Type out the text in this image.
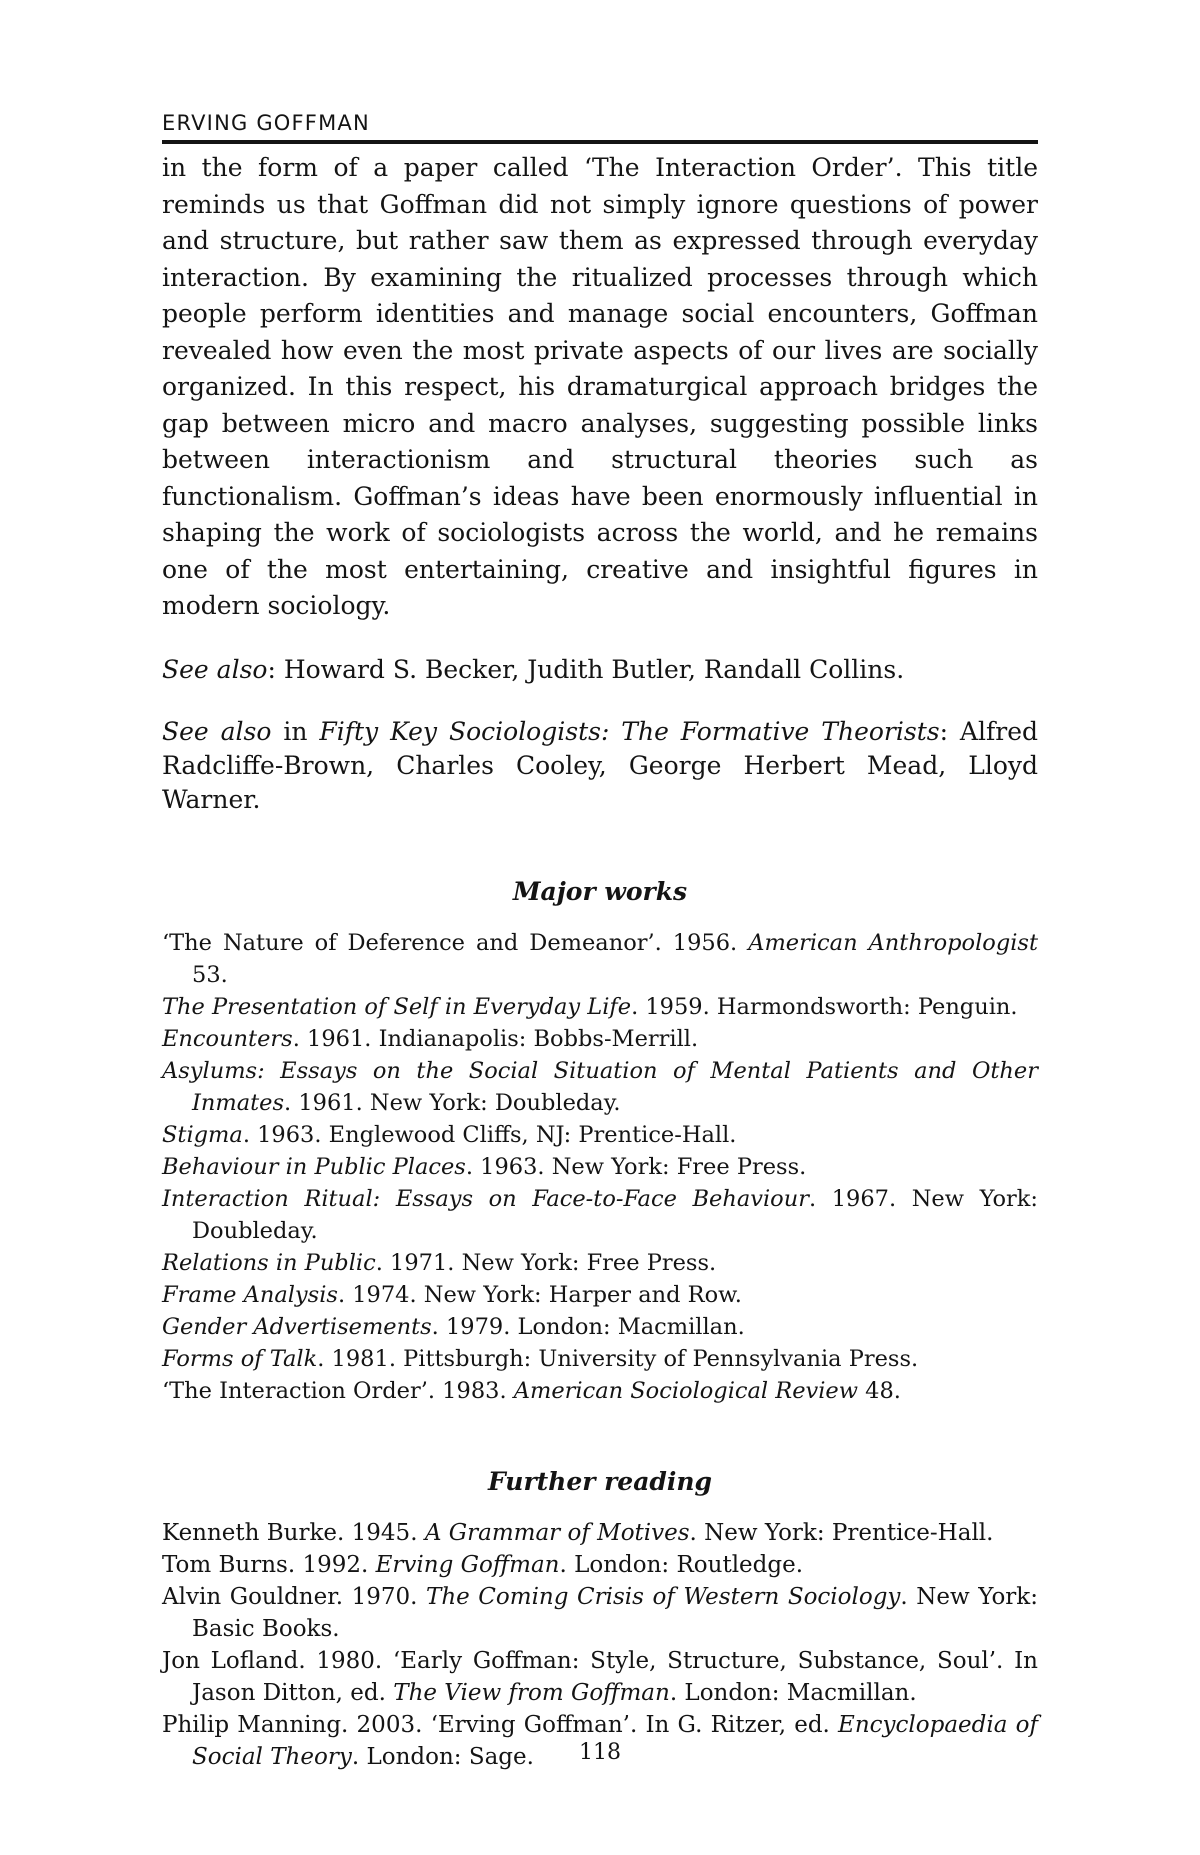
ERVING GOFFMAN

in the form of a paper called ‘The Interaction Order’. This title reminds us that Goffman did not simply ignore questions of power and structure, but rather saw them as expressed through everyday interaction. By examining the ritualized processes through which people perform identities and manage social encounters, Goffman revealed how even the most private aspects of our lives are socially organized. In this respect, his dramaturgical approach bridges the gap between micro and macro analyses, suggesting possible links between interactionism and structural theories such as functionalism. Goffman’s ideas have been enormously influential in shaping the work of sociologists across the world, and he remains one of the most entertaining, creative and insightful figures in modern sociology.

See also: Howard S. Becker, Judith Butler, Randall Collins.

See also in Fifty Key Sociologists: The Formative Theorists: Alfred Radcliffe-Brown, Charles Cooley, George Herbert Mead, Lloyd Warner.

Major works
‘The Nature of Deference and Demeanor’. 1956. American Anthropologist 53.
The Presentation of Self in Everyday Life. 1959. Harmondsworth: Penguin.
Encounters. 1961. Indianapolis: Bobbs-Merrill.
Asylums: Essays on the Social Situation of Mental Patients and Other Inmates. 1961. New York: Doubleday.
Stigma. 1963. Englewood Cliffs, NJ: Prentice-Hall.
Behaviour in Public Places. 1963. New York: Free Press.
Interaction Ritual: Essays on Face-to-Face Behaviour. 1967. New York: Doubleday.
Relations in Public. 1971. New York: Free Press.
Frame Analysis. 1974. New York: Harper and Row.
Gender Advertisements. 1979. London: Macmillan.
Forms of Talk. 1981. Pittsburgh: University of Pennsylvania Press.
‘The Interaction Order’. 1983. American Sociological Review 48.
Further reading
Kenneth Burke. 1945. A Grammar of Motives. New York: Prentice-Hall.
Tom Burns. 1992. Erving Goffman. London: Routledge.
Alvin Gouldner. 1970. The Coming Crisis of Western Sociology. New York: Basic Books.
Jon Lofland. 1980. ‘Early Goffman: Style, Structure, Substance, Soul’. In Jason Ditton, ed. The View from Goffman. London: Macmillan.
Philip Manning. 2003. ‘Erving Goffman’. In G. Ritzer, ed. Encyclopaedia of Social Theory. London: Sage.	118
